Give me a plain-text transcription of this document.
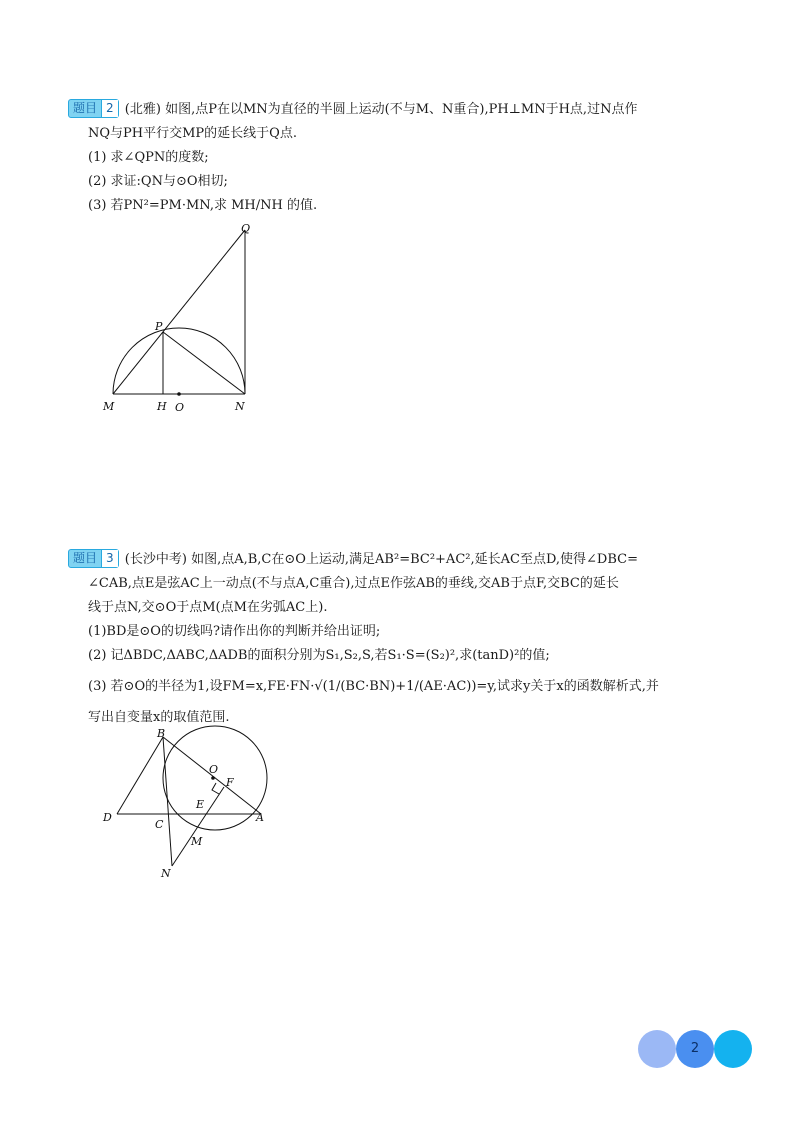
题目 2 (北雅) 如图,点P在以MN为直径的半圆上运动(不与M、N重合),PH⊥MN于H点,过N点作
NQ与PH平行交MP的延长线于Q点.
(1) 求∠QPN的度数;
(2) 求证:QN与⊙O相切;
(3) 若PN²=PM·MN,求 MH/NH 的值.
Q
P
M	H O	N
题目 3 (长沙中考) 如图,点A,B,C在⊙O上运动,满足AB²=BC²+AC²,延长AC至点D,使得∠DBC=
∠CAB,点E是弦AC上一动点(不与点A,C重合),过点E作弦AB的垂线,交AB于点F,交BC的延长
线于点N,交⊙O于点M(点M在劣弧AC上).
(1)BD是⊙O的切线吗?请作出你的判断并给出证明;
(2) 记ΔBDC,ΔABC,ΔADB的面积分别为S₁,S₂,S,若S₁·S=(S₂)²,求(tanD)²的值;
(3) 若⊙O的半径为1,设FM=x,FE·FN·√(1/(BC·BN)+1/(AE·AC))=y,试求y关于x的函数解析式,并
写出自变量x的取值范围.
B
O
F
E
D
C
A
M
N
2
